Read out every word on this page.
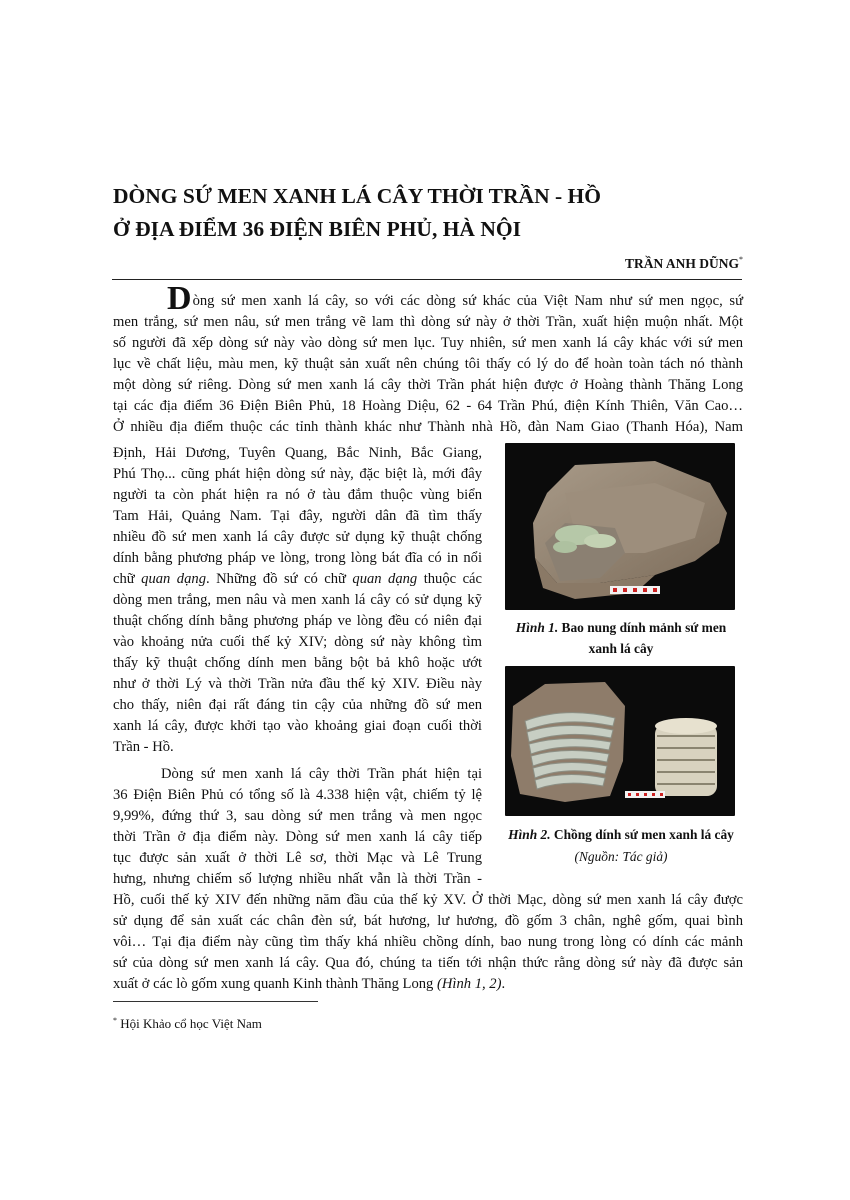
DÒNG SỨ MEN XANH LÁ CÂY THỜI TRẦN - HỒ
Ở ĐỊA ĐIỂM 36 ĐIỆN BIÊN PHỦ, HÀ NỘI
TRẦN ANH DŨNG*
Dòng sứ men xanh lá cây, so với các dòng sứ khác của Việt Nam như sứ men ngọc, sứ
men trắng, sứ men nâu, sứ men trắng vẽ lam thì dòng sứ này ở thời Trần, xuất hiện muộn nhất. Một
số người đã xếp dòng sứ này vào dòng sứ men lục. Tuy nhiên, sứ men xanh lá cây khác với sứ men
lục về chất liệu, màu men, kỹ thuật sản xuất nên chúng tôi thấy có lý do để hoàn toàn tách nó thành
một dòng sứ riêng. Dòng sứ men xanh lá cây thời Trần phát hiện được ở Hoàng thành Thăng Long
tại các địa điểm 36 Điện Biên Phủ, 18 Hoàng Diệu, 62 - 64 Trần Phú, điện Kính Thiên, Văn Cao…
Ở nhiều địa điểm thuộc các tỉnh thành khác như Thành nhà Hồ, đàn Nam Giao (Thanh Hóa), Nam
Định, Hải Dương, Tuyên Quang, Bắc Ninh, Bắc Giang,
Phú Thọ... cũng phát hiện dòng sứ này, đặc biệt là, mới đây
người ta còn phát hiện ra nó ở tàu đắm thuộc vùng biển
Tam Hải, Quảng Nam. Tại đây, người dân đã tìm thấy
nhiều đồ sứ men xanh lá cây được sử dụng kỹ thuật chống
dính bằng phương pháp ve lòng, trong lòng bát đĩa có in nổi
chữ quan dạng. Những đồ sứ có chữ quan dạng thuộc các
dòng men trắng, men nâu và men xanh lá cây có sử dụng kỹ
thuật chống dính bằng phương pháp ve lòng đều có niên đại
vào khoảng nửa cuối thế kỷ XIV; dòng sứ này không tìm
thấy kỹ thuật chống dính men bằng bột bả khô hoặc ướt
như ở thời Lý và thời Trần nửa đầu thế kỷ XIV. Điều này
cho thấy, niên đại rất đáng tin cậy của những đồ sứ men
xanh lá cây, được khởi tạo vào khoảng giai đoạn cuối thời
Trần - Hồ.
Dòng sứ men xanh lá cây thời Trần phát hiện tại
36 Điện Biên Phủ có tổng số là 4.338 hiện vật, chiếm tỷ lệ
9,99%, đứng thứ 3, sau dòng sứ men trắng và men ngọc
thời Trần ở địa điểm này. Dòng sứ men xanh lá cây tiếp
tục được sản xuất ở thời Lê sơ, thời Mạc và Lê Trung
hưng, nhưng chiếm số lượng nhiều nhất vẫn là thời Trần -
Hồ, cuối thế kỷ XIV đến những năm đầu của thế kỷ XV. Ở thời Mạc, dòng sứ men xanh lá cây được
sử dụng để sản xuất các chân đèn sứ, bát hương, lư hương, đồ gốm 3 chân, nghê gốm, quai bình
vôi… Tại địa điểm này cũng tìm thấy khá nhiều chồng dính, bao nung trong lòng có dính các mảnh
sứ của dòng sứ men xanh lá cây. Qua đó, chúng ta tiến tới nhận thức rằng dòng sứ này đã được sản
xuất ở các lò gốm xung quanh Kinh thành Thăng Long (Hình 1, 2).
Hình 1. Bao nung dính mảnh sứ men
xanh lá cây
Hình 2. Chồng dính sứ men xanh lá cây
(Nguồn: Tác giả)
* Hội Khảo cổ học Việt Nam
